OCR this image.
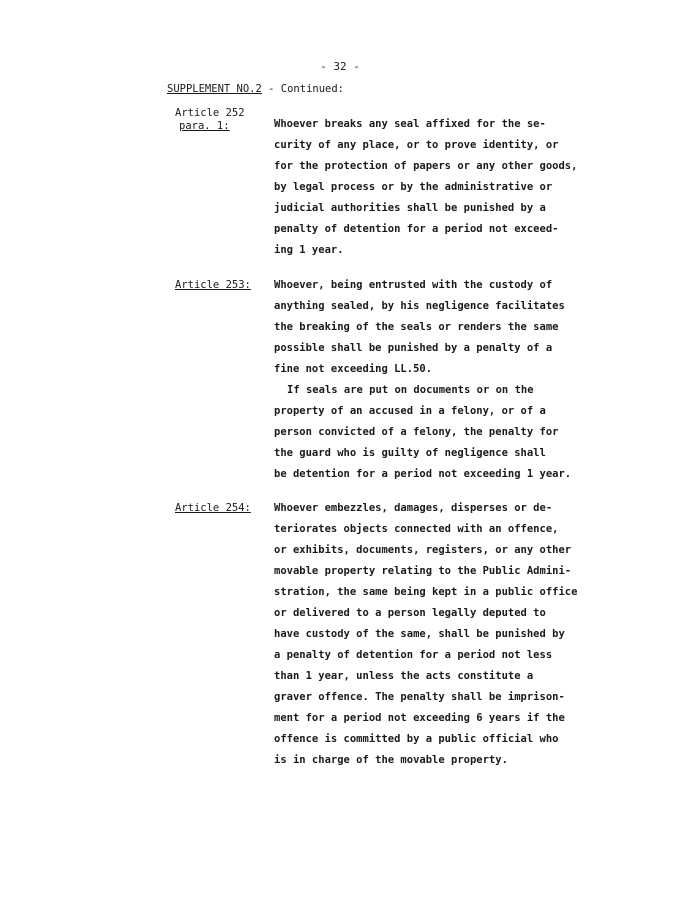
- 32 -
SUPPLEMENT NO.2 - Continued:
Article 252
para. 1:	Whoever breaks any seal affixed for the se-
curity of any place, or to prove identity, or
for the protection of papers or any other goods,
by legal process or by the administrative or
judicial authorities shall be punished by a
penalty of detention for a period not exceed-
ing 1 year.
Article 253: Whoever, being entrusted with the custody of
anything sealed, by his negligence facilitates
the breaking of the seals or renders the same
possible shall be punished by a penalty of a
fine not exceeding LL.50.
If seals are put on documents or on the
property of an accused in a felony, or of a
person convicted of a felony, the penalty for
the guard who is guilty of negligence shall
be detention for a period not exceeding 1 year.
Article 254: Whoever embezzles, damages, disperses or de-
teriorates objects connected with an offence,
or exhibits, documents, registers, or any other
movable property relating to the Public Admini-
stration, the same being kept in a public office
or delivered to a person legally deputed to
have custody of the same, shall be punished by
a penalty of detention for a period not less
than 1 year, unless the acts constitute a
graver offence. The penalty shall be imprison-
ment for a period not exceeding 6 years if the
offence is committed by a public official who
is in charge of the movable property.
